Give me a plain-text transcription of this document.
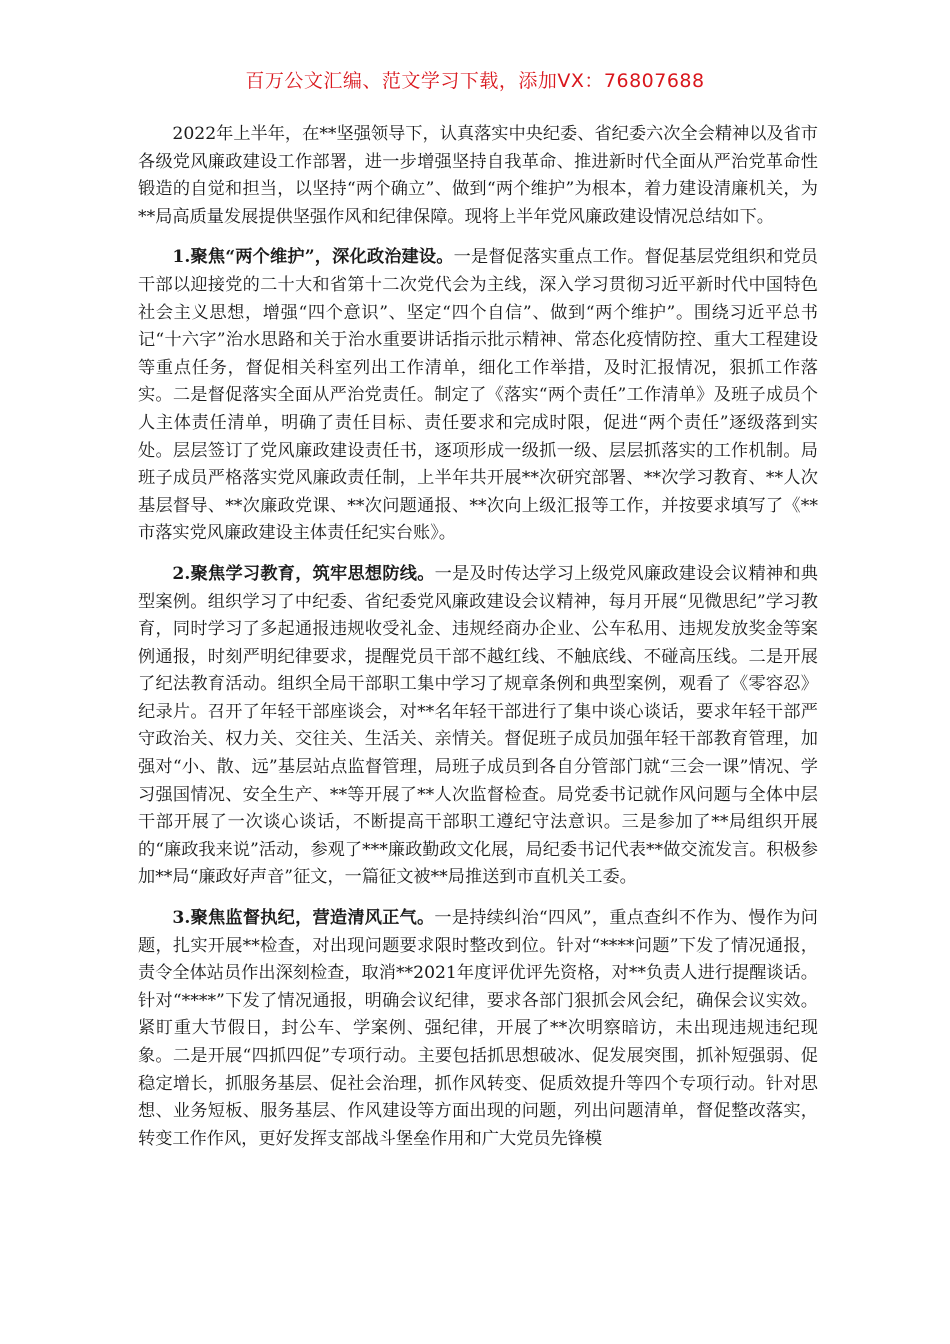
百万公文汇编、范文学习下载，添加VX：76807688

2022年上半年，在**坚强领导下，认真落实中央纪委、省纪委六次全会精神以及省市各级党风廉政建设工作部署，进一步增强坚持自我革命、推进新时代全面从严治党革命性锻造的自觉和担当，以坚持“两个确立”、做到“两个维护”为根本，着力建设清廉机关，为**局高质量发展提供坚强作风和纪律保障。现将上半年党风廉政建设情况总结如下。

1.聚焦“两个维护”，深化政治建设。一是督促落实重点工作。督促基层党组织和党员干部以迎接党的二十大和省第十二次党代会为主线，深入学习贯彻习近平新时代中国特色社会主义思想，增强“四个意识”、坚定“四个自信”、做到“两个维护”。围绕习近平总书记“十六字”治水思路和关于治水重要讲话指示批示精神、常态化疫情防控、重大工程建设等重点任务，督促相关科室列出工作清单，细化工作举措，及时汇报情况，狠抓工作落实。二是督促落实全面从严治党责任。制定了《落实“两个责任”工作清单》及班子成员个人主体责任清单，明确了责任目标、责任要求和完成时限，促进“两个责任”逐级落到实处。层层签订了党风廉政建设责任书，逐项形成一级抓一级、层层抓落实的工作机制。局班子成员严格落实党风廉政责任制，上半年共开展**次研究部署、**次学习教育、**人次基层督导、**次廉政党课、**次问题通报、**次向上级汇报等工作，并按要求填写了《**市落实党风廉政建设主体责任纪实台账》。

2.聚焦学习教育，筑牢思想防线。一是及时传达学习上级党风廉政建设会议精神和典型案例。组织学习了中纪委、省纪委党风廉政建设会议精神，每月开展“见微思纪”学习教育，同时学习了多起通报违规收受礼金、违规经商办企业、公车私用、违规发放奖金等案例通报，时刻严明纪律要求，提醒党员干部不越红线、不触底线、不碰高压线。二是开展了纪法教育活动。组织全局干部职工集中学习了规章条例和典型案例，观看了《零容忍》纪录片。召开了年轻干部座谈会，对**名年轻干部进行了集中谈心谈话，要求年轻干部严守政治关、权力关、交往关、生活关、亲情关。督促班子成员加强年轻干部教育管理，加强对“小、散、远”基层站点监督管理，局班子成员到各自分管部门就“三会一课”情况、学习强国情况、安全生产、**等开展了**人次监督检查。局党委书记就作风问题与全体中层干部开展了一次谈心谈话，不断提高干部职工遵纪守法意识。三是参加了**局组织开展的“廉政我来说”活动，参观了***廉政勤政文化展，局纪委书记代表**做交流发言。积极参加**局“廉政好声音”征文，一篇征文被**局推送到市直机关工委。

3.聚焦监督执纪，营造清风正气。一是持续纠治“四风”，重点查纠不作为、慢作为问题，扎实开展**检查，对出现问题要求限时整改到位。针对“****问题”下发了情况通报，责令全体站员作出深刻检查，取消**2021年度评优评先资格，对**负责人进行提醒谈话。针对“****”下发了情况通报，明确会议纪律，要求各部门狠抓会风会纪，确保会议实效。紧盯重大节假日，封公车、学案例、强纪律，开展了**次明察暗访，未出现违规违纪现象。二是开展“四抓四促”专项行动。主要包括抓思想破冰、促发展突围，抓补短强弱、促稳定增长，抓服务基层、促社会治理，抓作风转变、促质效提升等四个专项行动。针对思想、业务短板、服务基层、作风建设等方面出现的问题，列出问题清单，督促整改落实，转变工作作风，更好发挥支部战斗堡垒作用和广大党员先锋模
